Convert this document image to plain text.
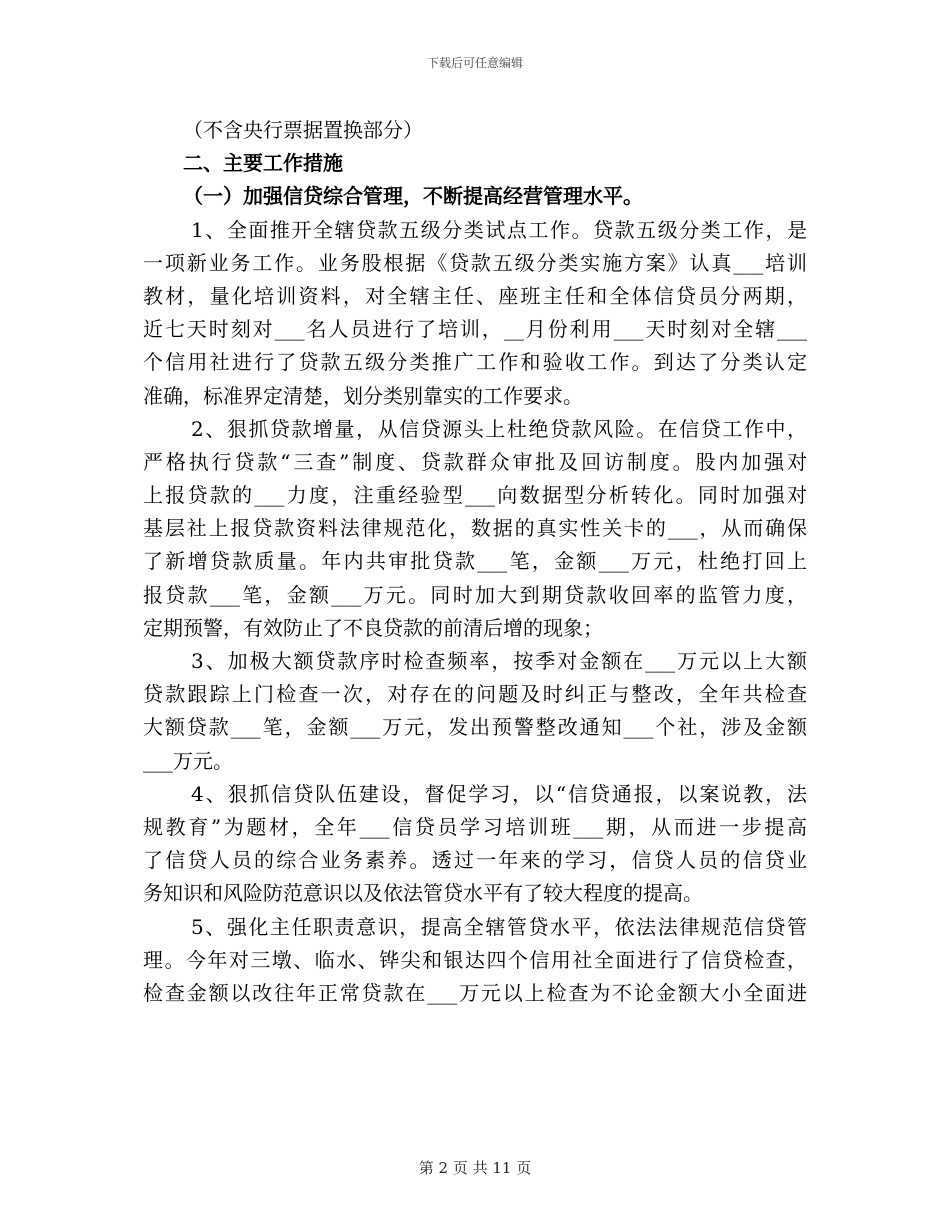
下载后可任意编辑
（不含央行票据置换部分）
二、主要工作措施
（一）加强信贷综合管理，不断提高经营管理水平。
1、全面推开全辖贷款五级分类试点工作。贷款五级分类工作，是
一项新业务工作。业务股根据《贷款五级分类实施方案》认真___培训
教材，量化培训资料，对全辖主任、座班主任和全体信贷员分两期，
近七天时刻对___名人员进行了培训，__月份利用___天时刻对全辖___
个信用社进行了贷款五级分类推广工作和验收工作。到达了分类认定
准确，标准界定清楚，划分类别靠实的工作要求。
2、狠抓贷款增量，从信贷源头上杜绝贷款风险。在信贷工作中，
严格执行贷款“三查”制度、贷款群众审批及回访制度。股内加强对
上报贷款的___力度，注重经验型___向数据型分析转化。同时加强对
基层社上报贷款资料法律规范化，数据的真实性关卡的___，从而确保
了新增贷款质量。年内共审批贷款___笔，金额___万元，杜绝打回上
报贷款___笔，金额___万元。同时加大到期贷款收回率的监管力度，
定期预警，有效防止了不良贷款的前清后增的现象；
3、加极大额贷款序时检查频率，按季对金额在___万元以上大额
贷款跟踪上门检查一次，对存在的问题及时纠正与整改，全年共检查
大额贷款___笔，金额___万元，发出预警整改通知___个社，涉及金额
___万元。
4、狠抓信贷队伍建设，督促学习，以“信贷通报，以案说教，法
规教育”为题材，全年___信贷员学习培训班___期，从而进一步提高
了信贷人员的综合业务素养。透过一年来的学习，信贷人员的信贷业
务知识和风险防范意识以及依法管贷水平有了较大程度的提高。
5、强化主任职责意识，提高全辖管贷水平，依法法律规范信贷管
理。今年对三墩、临水、铧尖和银达四个信用社全面进行了信贷检查，
检查金额以改往年正常贷款在___万元以上检查为不论金额大小全面进
第 2 页 共 11 页
